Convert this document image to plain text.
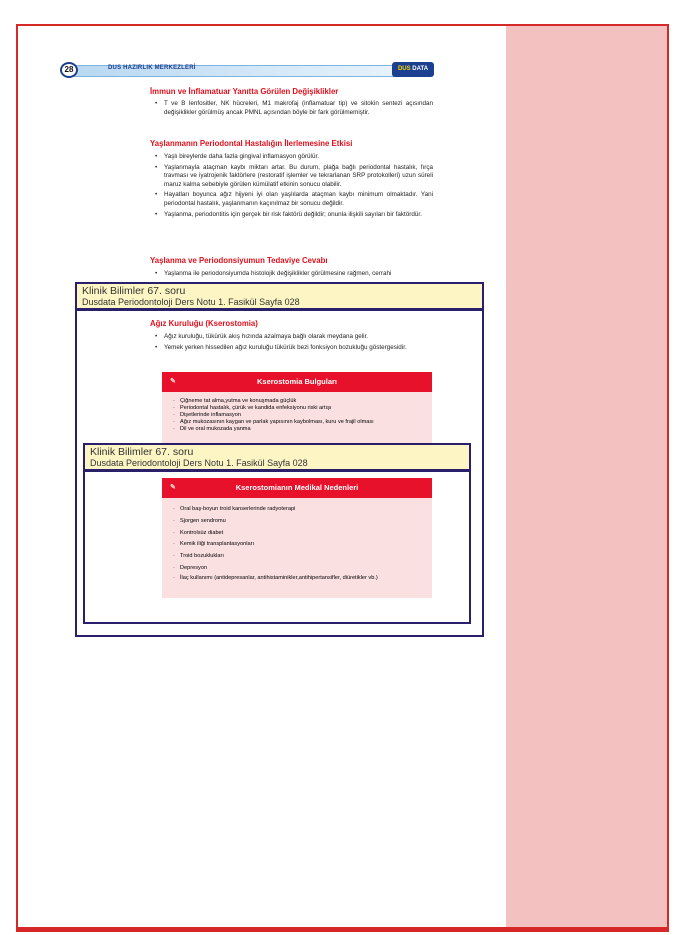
28	DUS HAZIRLIK MERKEZLERİ	DUS DATA
İmmun ve İnflamatuar Yanıtta Görülen Değişiklikler
• T ve B lenfositler, NK hücreleri, M1 makrofaj (inflamatuar tip) ve sitokin sentezi açısından değişiklikler görülmüş ancak PMNL açısından böyle bir fark görülmemiştir.
Yaşlanmanın Periodontal Hastalığın İlerlemesine Etkisi
• Yaşlı bireylerde daha fazla gingival inflamasyon görülür.
• Yaşlanmayla ataçman kaybı miktarı artar. Bu durum, plağa bağlı periodontal hastalık, fırça travması ve iyatrojenik faktörlere (restoratif işlemler ve tekrarlanan SRP protokolleri) uzun süreli maruz kalma sebebiyle görülen kümülatif etkinin sonucu olabilir.
• Hayatları boyunca ağız hijyeni iyi olan yaşlılarda ataçman kaybı minimum olmaktadır. Yani periodontal hastalık, yaşlanmanın kaçınılmaz bir sonucu değildir.
• Yaşlanma, periodontitis için gerçek bir risk faktörü değildir; onunla ilişkili sayıları bir faktördür.
Yaşlanma ve Periodonsiyumun Tedaviye Cevabı
• Yaşlanma ile periodonsiyumda histolojik değişiklikler görülmesine rağmen, cerrahi
Klinik Bilimler 67. soru
Dusdata Periodontoloji Ders Notu 1. Fasikül Sayfa 028
Ağız Kuruluğu (Kserostomia)
• Ağız kuruluğu, tükürük akış hızında azalmaya bağlı olarak meydana gelir.
• Yemek yerken hissedilen ağız kuruluğu tükürük bezi fonksiyon bozukluğu göstergesidir.
✎	Kserostomia Bulguları
· Çiğneme tat alma,yutma ve konuşmada güçlük
· Periodontal hastalık, çürük ve kandida enfeksiyonu riski artışı
· Dişetlerinde inflamasyon
· Ağız mukozasının kaygan ve parlak yapısının kaybolması, kuru ve frajil olması
· Dil ve oral mukozada yanma
Klinik Bilimler 67. soru
Dusdata Periodontoloji Ders Notu 1. Fasikül Sayfa 028
✎	Kserostomianın Medikal Nedenleri
· Oral baş-boyun troid kanserlerinde radyoterapi
· Sjorgen sendromu
· Kontrolsüz diabet
· Kemik iliği transplantasyonları
· Troid bozuklukları
· Depresyon
· İlaç kullanımı (antidepresanlar, antihistaminikler,antihipertansifler, diüretikler vb.)
